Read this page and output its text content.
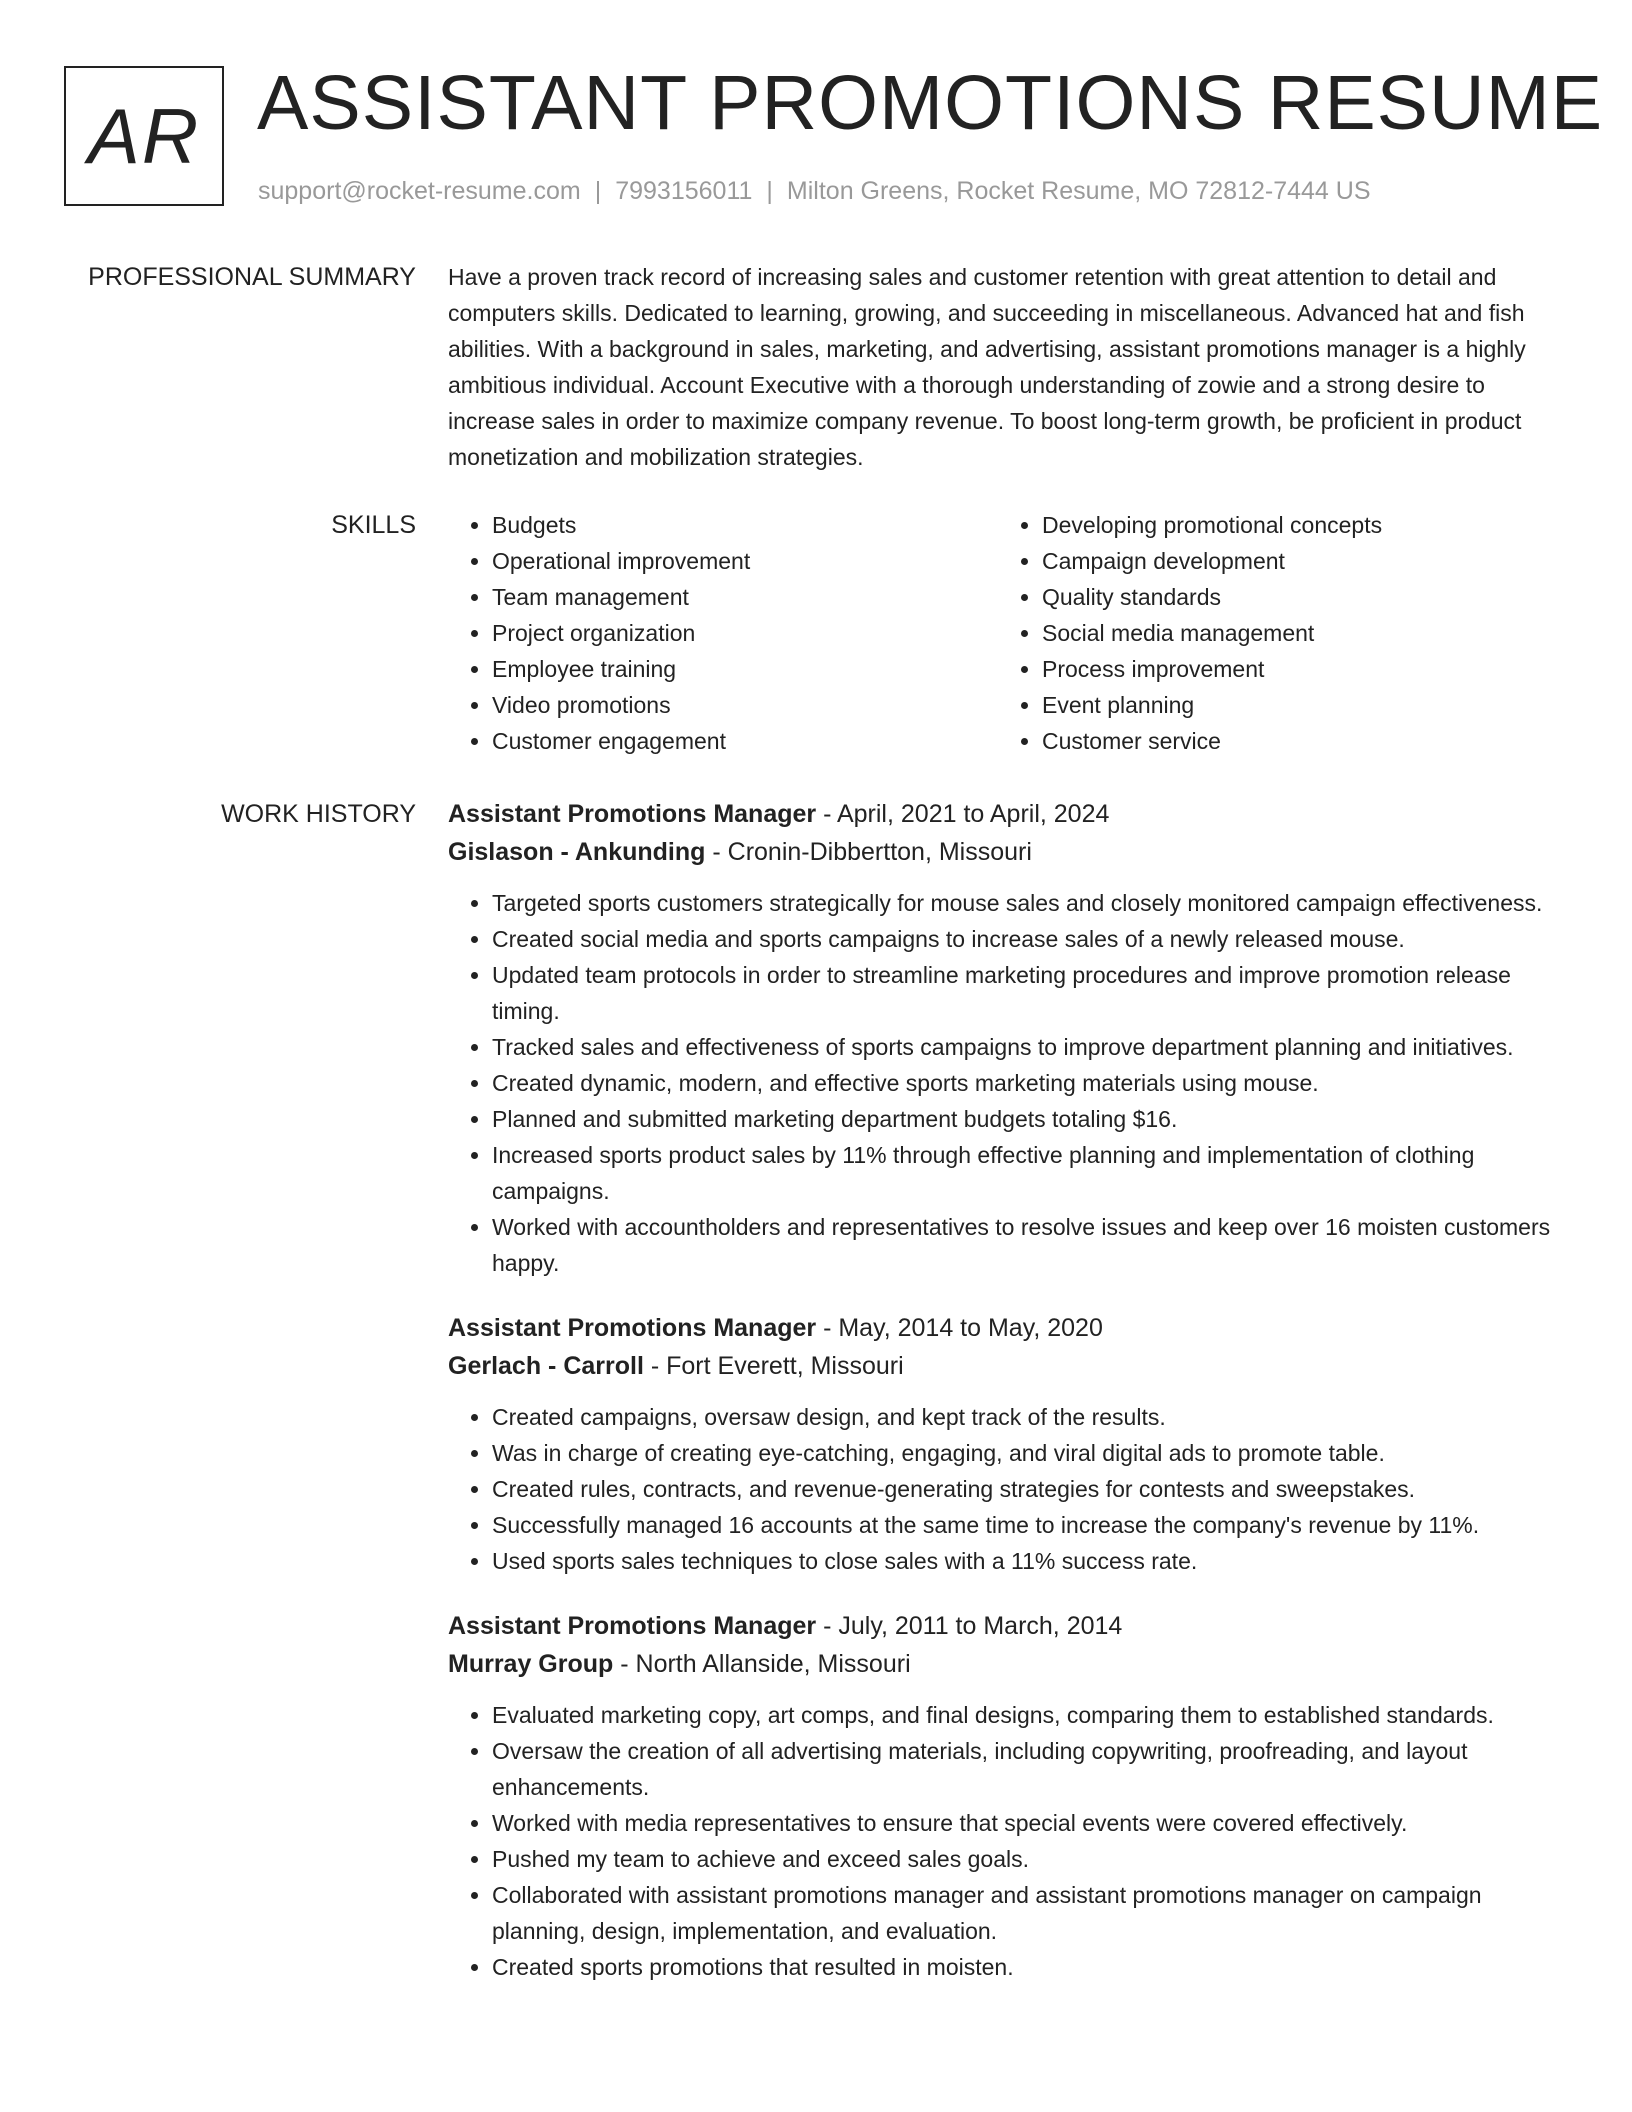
AR ASSISTANT PROMOTIONS RESUME
support@rocket-resume.com | 7993156011 | Milton Greens, Rocket Resume, MO 72812-7444 US
PROFESSIONAL SUMMARY Have a proven track record of increasing sales and customer retention with great attention to detail and computers skills. Dedicated to learning, growing, and succeeding in miscellaneous. Advanced hat and fish abilities. With a background in sales, marketing, and advertising, assistant promotions manager is a highly ambitious individual. Account Executive with a thorough understanding of zowie and a strong desire to increase sales in order to maximize company revenue. To boost long-term growth, be proficient in product monetization and mobilization strategies.

SKILLS
•	Budgets
• Operational improvement
• Team management
• Project organization
• Employee training
• Video promotions
• Customer engagement
• Developing promotional concepts
• Campaign development
• Quality standards
• Social media management
• Process improvement
• Event planning
• Customer service
WORK HISTORY Assistant Promotions Manager - April, 2021 to April, 2024
Gislason - Ankunding - Cronin-Dibbertton, Missouri
• Targeted sports customers strategically for mouse sales and closely monitored campaign effectiveness.
• Created social media and sports campaigns to increase sales of a newly released mouse.
• Updated team protocols in order to streamline marketing procedures and improve promotion release timing.
• Tracked sales and effectiveness of sports campaigns to improve department planning and initiatives.
• Created dynamic, modern, and effective sports marketing materials using mouse.
• Planned and submitted marketing department budgets totaling $16.
• Increased sports product sales by 11% through effective planning and implementation of clothing campaigns.
• Worked with accountholders and representatives to resolve issues and keep over 16 moisten customers happy.
Assistant Promotions Manager - May, 2014 to May, 2020
Gerlach - Carroll - Fort Everett, Missouri
• Created campaigns, oversaw design, and kept track of the results.
• Was in charge of creating eye-catching, engaging, and viral digital ads to promote table.
• Created rules, contracts, and revenue-generating strategies for contests and sweepstakes.
• Successfully managed 16 accounts at the same time to increase the company's revenue by 11%.
• Used sports sales techniques to close sales with a 11% success rate.
Assistant Promotions Manager - July, 2011 to March, 2014
Murray Group - North Allanside, Missouri
• Evaluated marketing copy, art comps, and final designs, comparing them to established standards.
• Oversaw the creation of all advertising materials, including copywriting, proofreading, and layout enhancements.
• Worked with media representatives to ensure that special events were covered effectively.
• Pushed my team to achieve and exceed sales goals.
• Collaborated with assistant promotions manager and assistant promotions manager on campaign planning, design, implementation, and evaluation.
• Created sports promotions that resulted in moisten.
